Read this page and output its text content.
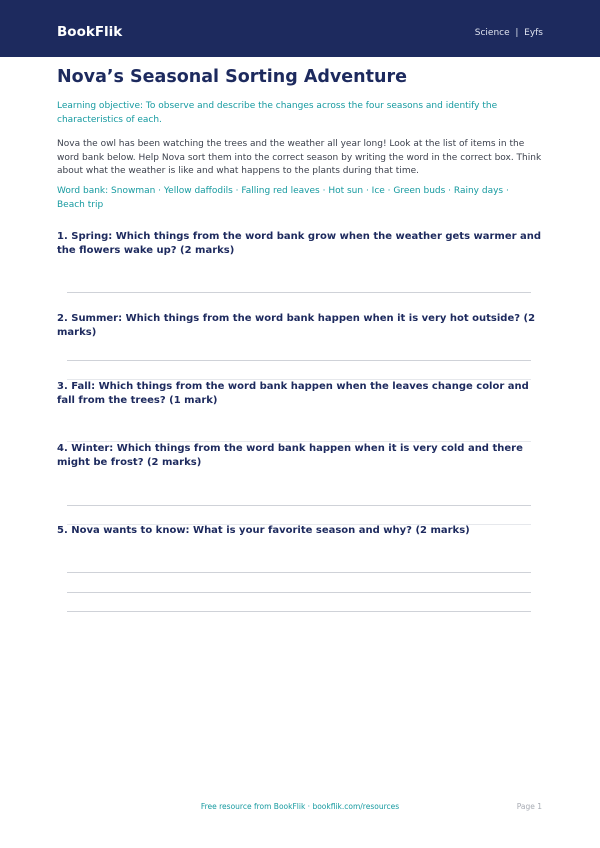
BookFlik	Science  |  Eyfs
Nova’s Seasonal Sorting Adventure
Learning objective: To observe and describe the changes across the four seasons and identify the characteristics of each.
Nova the owl has been watching the trees and the weather all year long! Look at the list of items in the word bank below. Help Nova sort them into the correct season by writing the word in the correct box. Think about what the weather is like and what happens to the plants during that time.
Word bank: Snowman · Yellow daffodils · Falling red leaves · Hot sun · Ice · Green buds · Rainy days · Beach trip
1. Spring: Which things from the word bank grow when the weather gets warmer and the flowers wake up? (2 marks)
2. Summer: Which things from the word bank happen when it is very hot outside? (2 marks)
3. Fall: Which things from the word bank happen when the leaves change color and fall from the trees? (1 mark)
4. Winter: Which things from the word bank happen when it is very cold and there might be frost? (2 marks)
5. Nova wants to know: What is your favorite season and why? (2 marks)
Free resource from BookFlik · bookflik.com/resources	Page 1
